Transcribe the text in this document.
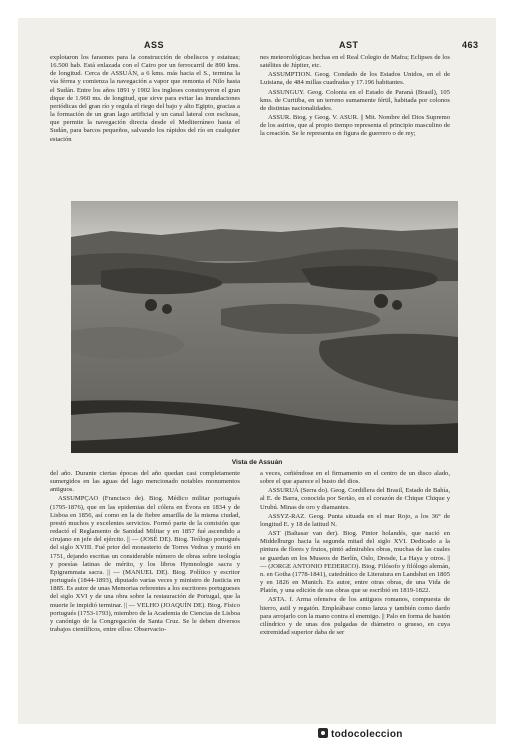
ASS	AST	463

explotaron los faraones para la construcción de obeliscos y estatuas; 16.500 hab. Está enlazada con el Cairo por un ferrocarril de 890 kms. de longitud. Cerca de ASSUÁN, a 6 kms. más hacia el S., termina la vía férrea y comienza la navegación a vapor que remonta el Nilo hasta el Sudán. Entre los años 1891 y 1902 los ingleses construyeron el gran dique de 1.960 ms. de longitud, que sirve para evitar las inundaciones periódicas del gran río y regula el riego del bajo y alto Egipto, gracias a la formación de un gran lago artificial y un canal lateral con esclusas, que permite la navegación directa desde el Mediterráneo hasta el Sudán, para barcos pequeños, salvando los rápidos del río en cualquier estación

nes meteorológicas hechas en el Real Colegio de Mafra; Eclipses de los satélites de Júpiter, etc.

ASSUMPTION. Geog. Condado de los Estados Unidos, en el de Luisiana, de 484 millas cuadradas y 17.196 habitantes.

ASSUNGUY. Geog. Colonia en el Estado de Paraná (Brasil), 105 kms. de Curitiba, en un terreno sumamente fértil, habitada por colonos de distintas nacionalidades.

ASSUR. Biog. y Geog. V. ASUR. || Mit. Nombre del Dios Supremo de los asirios, que al propio tiempo representa el principio masculino de la creación. Se le representa en figura de guerrero o de rey;

Vista de Assuán

del año. Durante ciertas épocas del año quedan casi completamente sumergidos en las aguas del lago mencionado notables monumentos antiguos.

ASSUMPÇAO (Francisco de). Biog. Médico militar portugués (1795-1876), que en las epidemias del cólera en Évora en 1834 y de Lisboa en 1856, así como en la de fiebre amarilla de la misma ciudad, prestó muchos y excelentes servicios. Formó parte de la comisión que redactó el Reglamento de Sanidad Militar y en 1857 fué ascendido a cirujano en jefe del ejército. || — (JOSÉ DE). Biog. Teólogo portugués del siglo XVIII. Fué prior del monasterio de Torres Vedras y murió en 1751, dejando escritas un considerable número de obras sobre teología y poesías latinas de mérito, y los libros Hymnologie sacra y Epigrammata sacra. || — (MANUEL DE). Biog. Político y escritor portugués (1844-1893), diputado varias veces y ministro de Justicia en 1885. Es autor de unas Memorias referentes a los escritores portugueses del siglo XVI y de una obra sobre la restauración de Portugal, que la muerte le impidió terminar. || — VELHO (JOAQUÍN DE). Biog. Físico portugués (1753-1793), miembro de la Academia de Ciencias de Lisboa y canónigo de la Congregación de Santa Cruz. Se le deben diversos trabajos científicos, entre ellos: Observacio-

a veces, ceñiéndose en el firmamento en el centro de un disco alado, sobre el que aparece el busto del dios.

ASSURUÁ (Serra do). Geog. Cordillera del Brasil, Estado de Bahía, al E. de Barra, conocida por Sertão, en el corazón de Chique Chique y Urubú. Minas de oro y diamantes.

ASSYZ-RAZ. Geog. Punta situada en el mar Rojo, a los 36° de longitud E. y 18 de latitud N.

AST (Baltasar van der). Biog. Pintor holandés, que nació en Middelburgo hacia la segunda mitad del siglo XVI. Dedicado a la pintura de flores y frutos, pintó admirables obras, muchas de las cuales se guardan en los Museos de Berlín, Oslo, Dresde, La Haya y otros. || — (JORGE ANTONIO FEDERICO). Biog. Filósofo y filólogo alemán, n. en Gotha (1778-1841), catedrático de Literatura en Landshut en 1805 y en 1826 en Munich. Es autor, entre otras obras, de una Vida de Platón, y una edición de sus obras que se escribió en 1819-1822.

ASTA. f. Arma ofensiva de los antiguos romanos, compuesta de hierro, astil y regatón. Empleábase como lanza y también como dardo para arrojarlo con la mano contra el enemigo. || Palo en forma de bastón cilíndrico y de unas dos pulgadas de diámetro o grueso, en cuya extremidad superior daba de ser

todocoleccion
